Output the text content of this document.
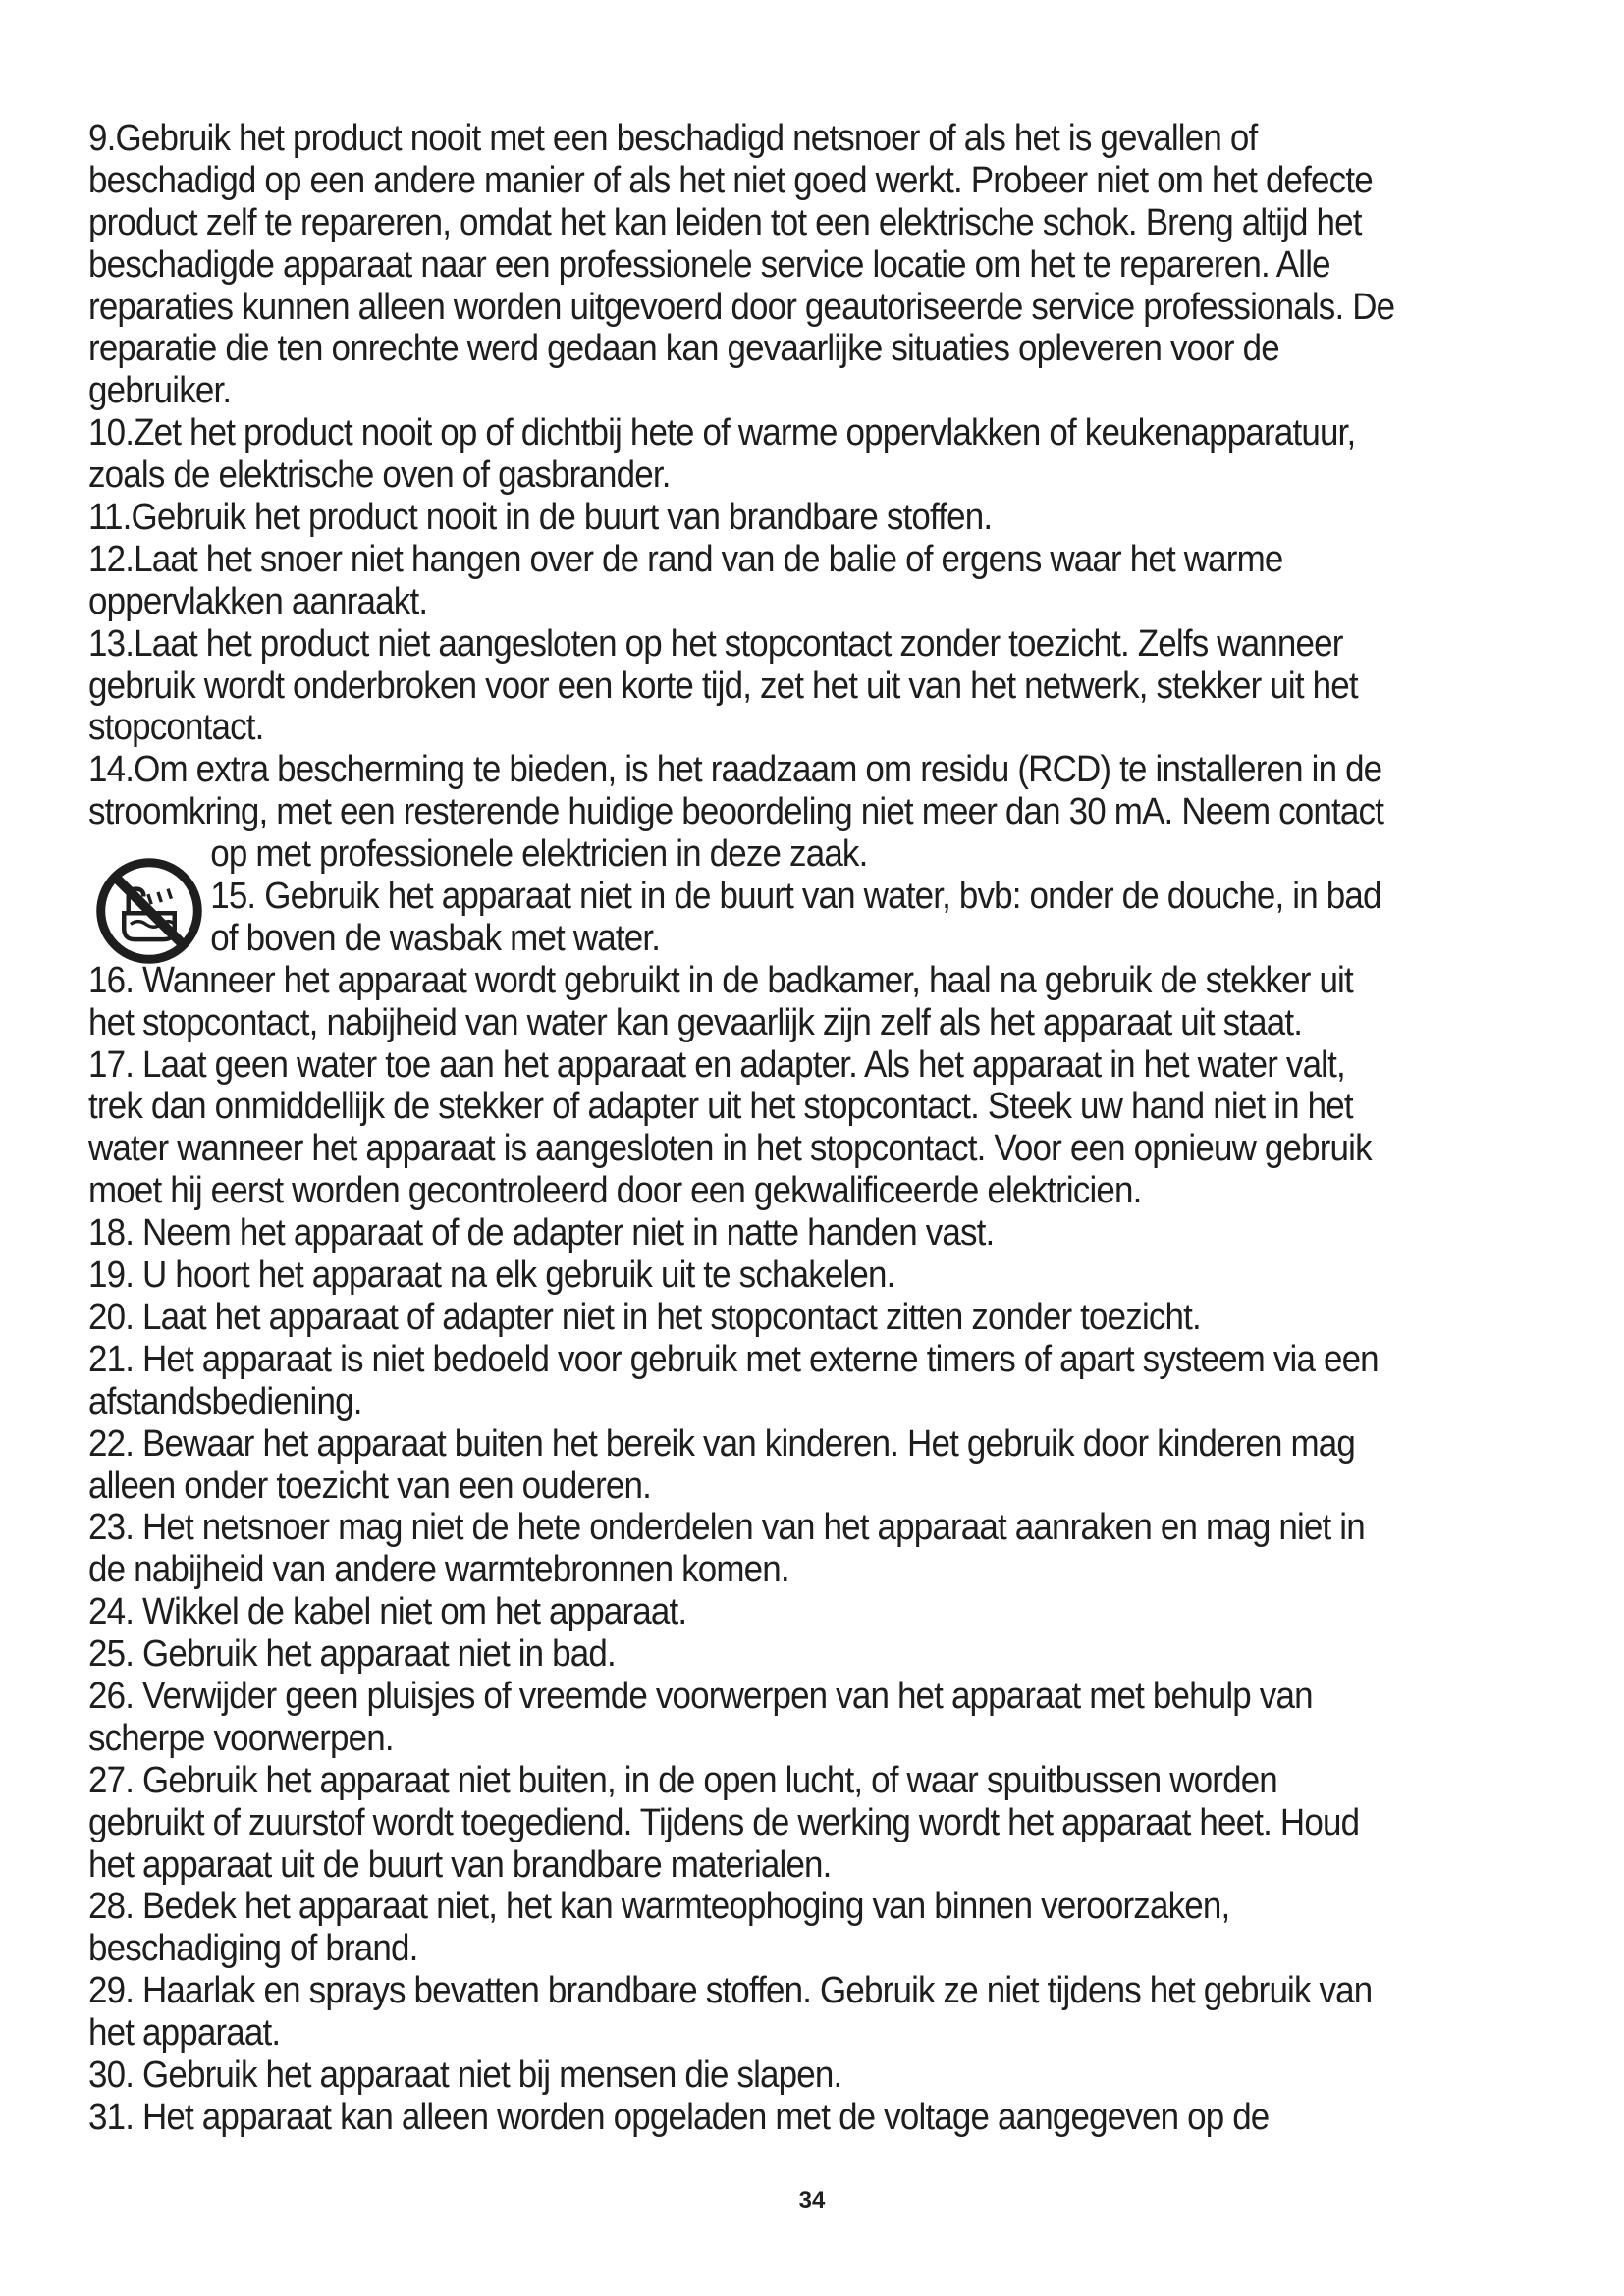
9.Gebruik het product nooit met een beschadigd netsnoer of als het is gevallen of
beschadigd op een andere manier of als het niet goed werkt. Probeer niet om het defecte
product zelf te repareren, omdat het kan leiden tot een elektrische schok. Breng altijd het
beschadigde apparaat naar een professionele service locatie om het te repareren. Alle
reparaties kunnen alleen worden uitgevoerd door geautoriseerde service professionals. De
reparatie die ten onrechte werd gedaan kan gevaarlijke situaties opleveren voor de
gebruiker.
10.Zet het product nooit op of dichtbij hete of warme oppervlakken of keukenapparatuur,
zoals de elektrische oven of gasbrander.
11.Gebruik het product nooit in de buurt van brandbare stoffen.
12.Laat het snoer niet hangen over de rand van de balie of ergens waar het warme
oppervlakken aanraakt.
13.Laat het product niet aangesloten op het stopcontact zonder toezicht. Zelfs wanneer
gebruik wordt onderbroken voor een korte tijd, zet het uit van het netwerk, stekker uit het
stopcontact.
14.Om extra bescherming te bieden, is het raadzaam om residu (RCD) te installeren in de
stroomkring, met een resterende huidige beoordeling niet meer dan 30 mA. Neem contact
op met professionele elektricien in deze zaak.
15. Gebruik het apparaat niet in de buurt van water, bvb: onder de douche, in bad
of boven de wasbak met water.
16. Wanneer het apparaat wordt gebruikt in de badkamer, haal na gebruik de stekker uit
het stopcontact, nabijheid van water kan gevaarlijk zijn zelf als het apparaat uit staat.
17. Laat geen water toe aan het apparaat en adapter. Als het apparaat in het water valt,
trek dan onmiddellijk de stekker of adapter uit het stopcontact. Steek uw hand niet in het
water wanneer het apparaat is aangesloten in het stopcontact. Voor een opnieuw gebruik
moet hij eerst worden gecontroleerd door een gekwalificeerde elektricien.
18. Neem het apparaat of de adapter niet in natte handen vast.
19. U hoort het apparaat na elk gebruik uit te schakelen.
20. Laat het apparaat of adapter niet in het stopcontact zitten zonder toezicht.
21. Het apparaat is niet bedoeld voor gebruik met externe timers of apart systeem via een
afstandsbediening.
22. Bewaar het apparaat buiten het bereik van kinderen. Het gebruik door kinderen mag
alleen onder toezicht van een ouderen.
23. Het netsnoer mag niet de hete onderdelen van het apparaat aanraken en mag niet in
de nabijheid van andere warmtebronnen komen.
24. Wikkel de kabel niet om het apparaat.
25. Gebruik het apparaat niet in bad.
26. Verwijder geen pluisjes of vreemde voorwerpen van het apparaat met behulp van
scherpe voorwerpen.
27. Gebruik het apparaat niet buiten, in de open lucht, of waar spuitbussen worden
gebruikt of zuurstof wordt toegediend. Tijdens de werking wordt het apparaat heet. Houd
het apparaat uit de buurt van brandbare materialen.
28. Bedek het apparaat niet, het kan warmteophoging van binnen veroorzaken,
beschadiging of brand.
29. Haarlak en sprays bevatten brandbare stoffen. Gebruik ze niet tijdens het gebruik van
het apparaat.
30. Gebruik het apparaat niet bij mensen die slapen.
31. Het apparaat kan alleen worden opgeladen met de voltage aangegeven op de
34
